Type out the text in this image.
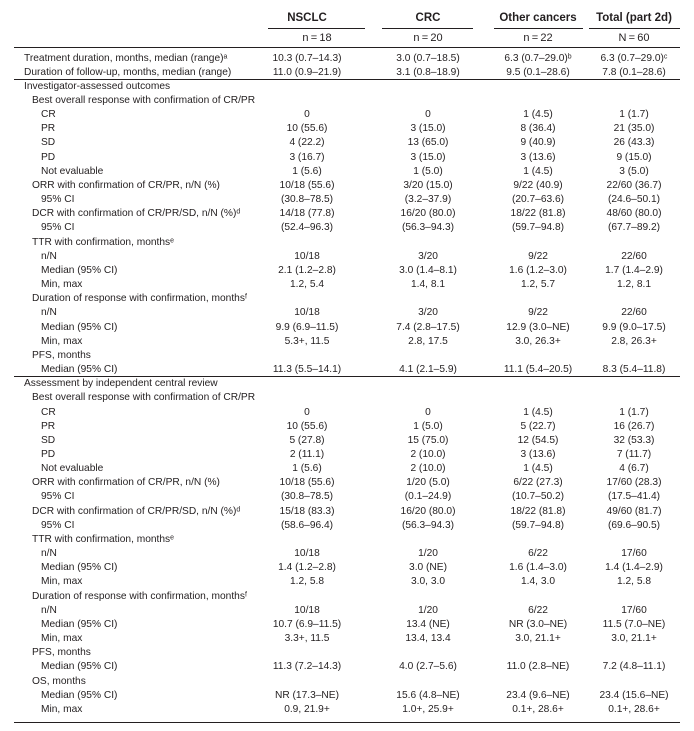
NSCLC	CRC	Other cancers	Total (part 2d)
n = 18	n = 20	n = 22	N = 60
Treatment duration, months, median (range)ᵃ	10.3 (0.7–14.3)	3.0 (0.7–18.5)	6.3 (0.7–29.0)ᵇ	6.3 (0.7–29.0)ᶜ
Duration of follow-up, months, median (range)	11.0 (0.9–21.9)	3.1 (0.8–18.9)	9.5 (0.1–28.6)	7.8 (0.1–28.6)
Investigator-assessed outcomes
Best overall response with confirmation of CR/PR
CR	0	0	1 (4.5)	1 (1.7)
PR	10 (55.6)	3 (15.0)	8 (36.4)	21 (35.0)
SD	4 (22.2)	13 (65.0)	9 (40.9)	26 (43.3)
PD	3 (16.7)	3 (15.0)	3 (13.6)	9 (15.0)
Not evaluable	1 (5.6)	1 (5.0)	1 (4.5)	3 (5.0)
ORR with confirmation of CR/PR, n/N (%)	10/18 (55.6)	3/20 (15.0)	9/22 (40.9)	22/60 (36.7)
95% CI	(30.8–78.5)	(3.2–37.9)	(20.7–63.6)	(24.6–50.1)
DCR with confirmation of CR/PR/SD, n/N (%)ᵈ	14/18 (77.8)	16/20 (80.0)	18/22 (81.8)	48/60 (80.0)
95% CI	(52.4–96.3)	(56.3–94.3)	(59.7–94.8)	(67.7–89.2)
TTR with confirmation, monthsᵉ
n/N	10/18	3/20	9/22	22/60
Median (95% CI)	2.1 (1.2–2.8)	3.0 (1.4–8.1)	1.6 (1.2–3.0)	1.7 (1.4–2.9)
Min, max	1.2, 5.4	1.4, 8.1	1.2, 5.7	1.2, 8.1
Duration of response with confirmation, monthsᶠ
n/N	10/18	3/20	9/22	22/60
Median (95% CI)	9.9 (6.9–11.5)	7.4 (2.8–17.5)	12.9 (3.0–NE)	9.9 (9.0–17.5)
Min, max	5.3+, 11.5	2.8, 17.5	3.0, 26.3+	2.8, 26.3+
PFS, months
Median (95% CI)	11.3 (5.5–14.1)	4.1 (2.1–5.9)	11.1 (5.4–20.5)	8.3 (5.4–11.8)
Assessment by independent central review
Best overall response with confirmation of CR/PR
CR	0	0	1 (4.5)	1 (1.7)
PR	10 (55.6)	1 (5.0)	5 (22.7)	16 (26.7)
SD	5 (27.8)	15 (75.0)	12 (54.5)	32 (53.3)
PD	2 (11.1)	2 (10.0)	3 (13.6)	7 (11.7)
Not evaluable	1 (5.6)	2 (10.0)	1 (4.5)	4 (6.7)
ORR with confirmation of CR/PR, n/N (%)	10/18 (55.6)	1/20 (5.0)	6/22 (27.3)	17/60 (28.3)
95% CI	(30.8–78.5)	(0.1–24.9)	(10.7–50.2)	(17.5–41.4)
DCR with confirmation of CR/PR/SD, n/N (%)ᵈ	15/18 (83.3)	16/20 (80.0)	18/22 (81.8)	49/60 (81.7)
95% CI	(58.6–96.4)	(56.3–94.3)	(59.7–94.8)	(69.6–90.5)
TTR with confirmation, monthsᵉ
n/N	10/18	1/20	6/22	17/60
Median (95% CI)	1.4 (1.2–2.8)	3.0 (NE)	1.6 (1.4–3.0)	1.4 (1.4–2.9)
Min, max	1.2, 5.8	3.0, 3.0	1.4, 3.0	1.2, 5.8
Duration of response with confirmation, monthsᶠ
n/N	10/18	1/20	6/22	17/60
Median (95% CI)	10.7 (6.9–11.5)	13.4 (NE)	NR (3.0–NE)	11.5 (7.0–NE)
Min, max	3.3+, 11.5	13.4, 13.4	3.0, 21.1+	3.0, 21.1+
PFS, months
Median (95% CI)	11.3 (7.2–14.3)	4.0 (2.7–5.6)	11.0 (2.8–NE)	7.2 (4.8–11.1)
OS, months
Median (95% CI)	NR (17.3–NE)	15.6 (4.8–NE)	23.4 (9.6–NE)	23.4 (15.6–NE)
Min, max	0.9, 21.9+	1.0+, 25.9+	0.1+, 28.6+	0.1+, 28.6+
